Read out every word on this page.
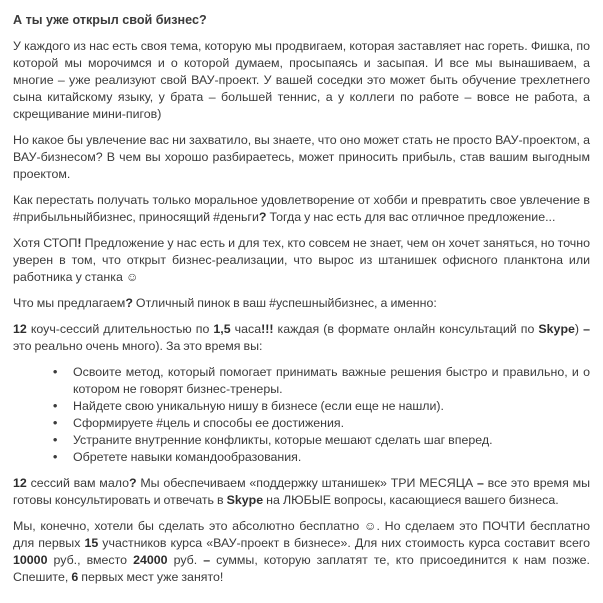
А ты уже открыл свой бизнес?

У каждого из нас есть своя тема, которую мы продвигаем, которая заставляет нас гореть. Фишка, по которой мы морочимся и о которой думаем, просыпаясь и засыпая. И все мы вынашиваем, а многие – уже реализуют свой ВАУ-проект. У вашей соседки это может быть обучение трехлетнего сына китайскому языку, у брата – большей теннис, а у коллеги по работе – вовсе не работа, а скрещивание мини-пигов)

Но какое бы увлечение вас ни захватило, вы знаете, что оно может стать не просто ВАУ-проектом, а ВАУ-бизнесом? В чем вы хорошо разбираетесь, может приносить прибыль, став вашим выгодным проектом.

Как перестать получать только моральное удовлетворение от хобби и превратить свое увлечение в #прибыльныйбизнес, приносящий #деньги? Тогда у нас есть для вас отличное предложение...

Хотя СТОП! Предложение у нас есть и для тех, кто совсем не знает, чем он хочет заняться, но точно уверен в том, что открыт бизнес-реализации, что вырос из штанишек офисного планктона или работника у станка ☺

Что мы предлагаем? Отличный пинок в ваш #успешныйбизнес, а именно:

12 коуч-сессий длительностью по 1,5 часа!!! каждая (в формате онлайн консультаций по Skype) – это реально очень много). За это время вы:

• Освоите метод, который помогает принимать важные решения быстро и правильно, и о котором не говорят бизнес-тренеры.
• Найдете свою уникальную нишу в бизнесе (если еще не нашли).
• Сформируете #цель и способы ее достижения.
• Устраните внутренние конфликты, которые мешают сделать шаг вперед.
• Обретете навыки командообразования.

12 сессий вам мало? Мы обеспечиваем «поддержку штанишек» ТРИ МЕСЯЦА – все это время мы готовы консультировать и отвечать в Skype на ЛЮБЫЕ вопросы, касающиеся вашего бизнеса.

Мы, конечно, хотели бы сделать это абсолютно бесплатно ☺. Но сделаем это ПОЧТИ бесплатно для первых 15 участников курса «ВАУ-проект в бизнесе». Для них стоимость курса составит всего 10000 руб., вместо 24000 руб. – суммы, которую заплатят те, кто присоединится к нам позже. Спешите, 6 первых мест уже занято!
